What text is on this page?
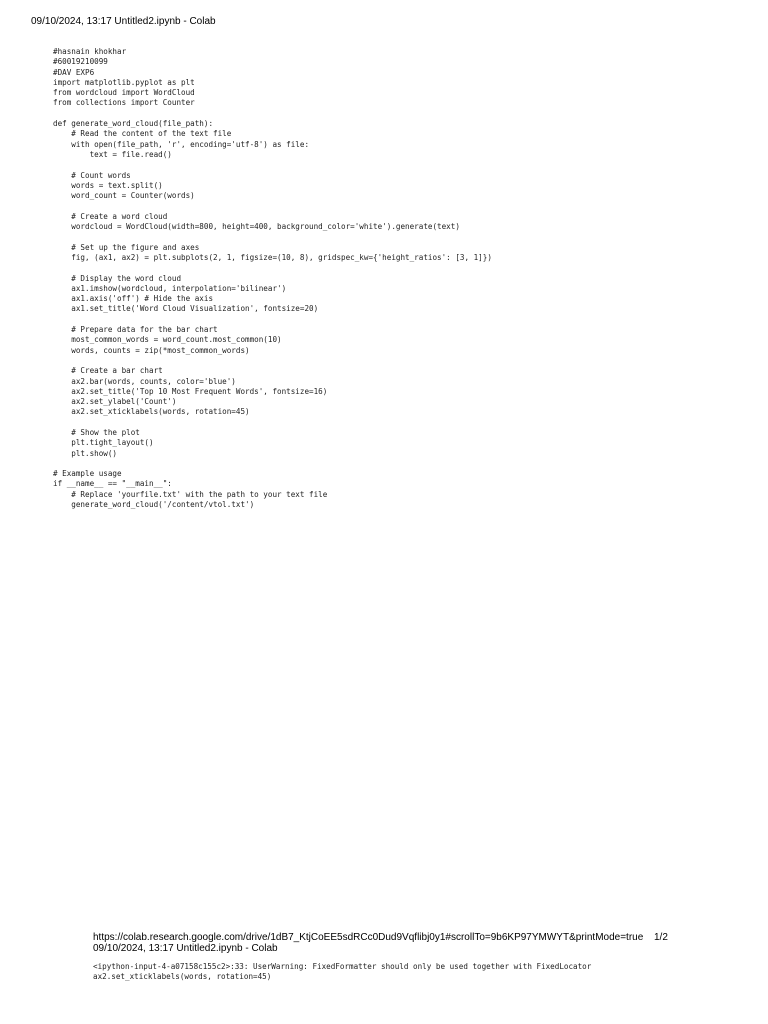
09/10/2024, 13:17 Untitled2.ipynb - Colab
#hasnain khokhar
#60019210099
#DAV EXP6
import matplotlib.pyplot as plt
from wordcloud import WordCloud
from collections import Counter
def generate_word_cloud(file_path):
# Read the content of the text file
with open(file_path, 'r', encoding='utf-8') as file:
text = file.read()
# Count words
words = text.split()
word_count = Counter(words)
# Create a word cloud
wordcloud = WordCloud(width=800, height=400, background_color='white').generate(text)
# Set up the figure and axes
fig, (ax1, ax2) = plt.subplots(2, 1, figsize=(10, 8), gridspec_kw={'height_ratios': [3, 1]})
# Display the word cloud
ax1.imshow(wordcloud, interpolation='bilinear')
ax1.axis('off') # Hide the axis
ax1.set_title('Word Cloud Visualization', fontsize=20)
# Prepare data for the bar chart
most_common_words = word_count.most_common(10)
words, counts = zip(*most_common_words)
# Create a bar chart
ax2.bar(words, counts, color='blue')
ax2.set_title('Top 10 Most Frequent Words', fontsize=16)
ax2.set_ylabel('Count')
ax2.set_xticklabels(words, rotation=45)
# Show the plot
plt.tight_layout()
plt.show()
# Example usage
if __name__ == "__main__":
# Replace 'yourfile.txt' with the path to your text file
generate_word_cloud('/content/vtol.txt')
https://colab.research.google.com/drive/1dB7_KtjCoEE5sdRCc0Dud9Vqflibj0y1#scrollTo=9b6KP97YMWYT&printMode=true 1/2
09/10/2024, 13:17 Untitled2.ipynb - Colab
<ipython-input-4-a07158c155c2>:33: UserWarning: FixedFormatter should only be used together with FixedLocator
ax2.set_xticklabels(words, rotation=45)
